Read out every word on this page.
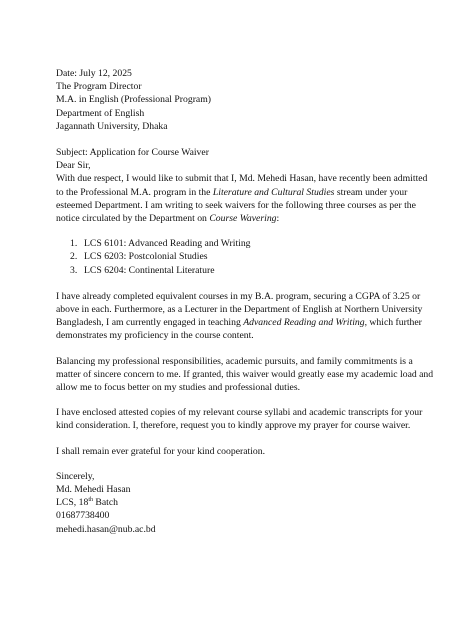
Date: July 12, 2025

The Program Director
M.A. in English (Professional Program)
Department of English
Jagannath University, Dhaka

Subject: Application for Course Waiver

Dear Sir,

With due respect, I would like to submit that I, Md. Mehedi Hasan, have recently been admitted
to the Professional M.A. program in the Literature and Cultural Studies stream under your
esteemed Department. I am writing to seek waivers for the following three courses as per the
notice circulated by the Department on Course Wavering:
1. LCS 6101: Advanced Reading and Writing
2. LCS 6203: Postcolonial Studies
3. LCS 6204: Continental Literature
I have already completed equivalent courses in my B.A. program, securing a CGPA of 3.25 or
above in each. Furthermore, as a Lecturer in the Department of English at Northern University
Bangladesh, I am currently engaged in teaching Advanced Reading and Writing, which further
demonstrates my proficiency in the course content.
Balancing my professional responsibilities, academic pursuits, and family commitments is a
matter of sincere concern to me. If granted, this waiver would greatly ease my academic load and
allow me to focus better on my studies and professional duties.
I have enclosed attested copies of my relevant course syllabi and academic transcripts for your
kind consideration. I, therefore, request you to kindly approve my prayer for course waiver.

I shall remain ever grateful for your kind cooperation.

Sincerely,
Md. Mehedi Hasan
LCS, 18th Batch
01687738400
mehedi.hasan@nub.ac.bd
